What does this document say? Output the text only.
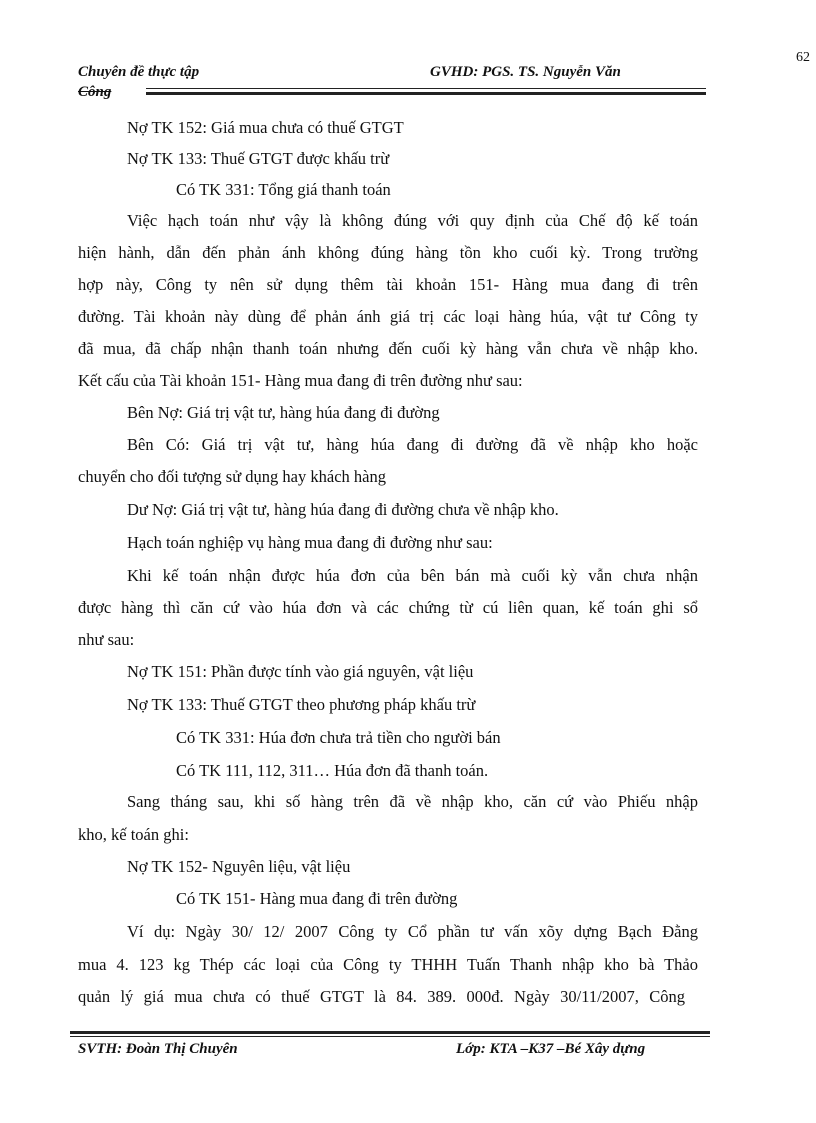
62
Chuyên đề thực tập
Công
GVHD: PGS. TS. Nguyễn Văn
Nợ TK 152: Giá mua chưa có thuế GTGT
Nợ TK 133: Thuế GTGT được khấu trừ
Có TK 331: Tổng giá thanh toán
Việc hạch toán như vậy là không đúng với quy định của Chế độ kế toán
hiện hành, dẫn đến phản ánh không đúng hàng tồn kho cuối kỳ. Trong trường
hợp này, Công ty nên sử dụng thêm tài khoản 151- Hàng mua đang đi trên
đường. Tài khoản này dùng để phản ánh giá trị các loại hàng húa, vật tư Công ty
đã mua, đã chấp nhận thanh toán nhưng đến cuối kỳ hàng vẫn chưa về nhập kho.
Kết cấu của Tài khoản 151- Hàng mua đang đi trên đường như sau:
Bên Nợ: Giá trị vật tư, hàng húa đang đi đường
Bên Có: Giá trị vật tư, hàng húa đang đi đường đã về nhập kho hoặc
chuyển cho đối tượng sử dụng hay khách hàng
Dư Nợ: Giá trị vật tư, hàng húa đang đi đường chưa về nhập kho.
Hạch toán nghiệp vụ hàng mua đang đi đường như sau:
Khi kế toán nhận được húa đơn của bên bán mà cuối kỳ vẫn chưa nhận
được hàng thì căn cứ vào húa đơn và các chứng từ cú liên quan, kế toán ghi sổ
như sau:
Nợ TK 151: Phần được tính vào giá nguyên, vật liệu
Nợ TK 133: Thuế GTGT theo phương pháp khấu trừ
Có TK 331: Húa đơn chưa trả tiền cho người bán
Có TK 111, 112, 311… Húa đơn đã thanh toán.
Sang tháng sau, khi số hàng trên đã về nhập kho, căn cứ vào Phiếu nhập
kho, kế toán ghi:
Nợ TK 152- Nguyên liệu, vật liệu
Có TK 151- Hàng mua đang đi trên đường
Ví dụ: Ngày 30/ 12/ 2007 Công ty Cổ phần tư vấn xõy dựng Bạch Đằng
mua 4. 123 kg Thép các loại của Công ty THHH Tuấn Thanh nhập kho bà Thảo
quản lý giá mua chưa có thuế GTGT là 84. 389. 000đ. Ngày 30/11/2007, Công
SVTH: Đoàn Thị Chuyên	Lớp: KTA –K37 –Bé Xây dựng
